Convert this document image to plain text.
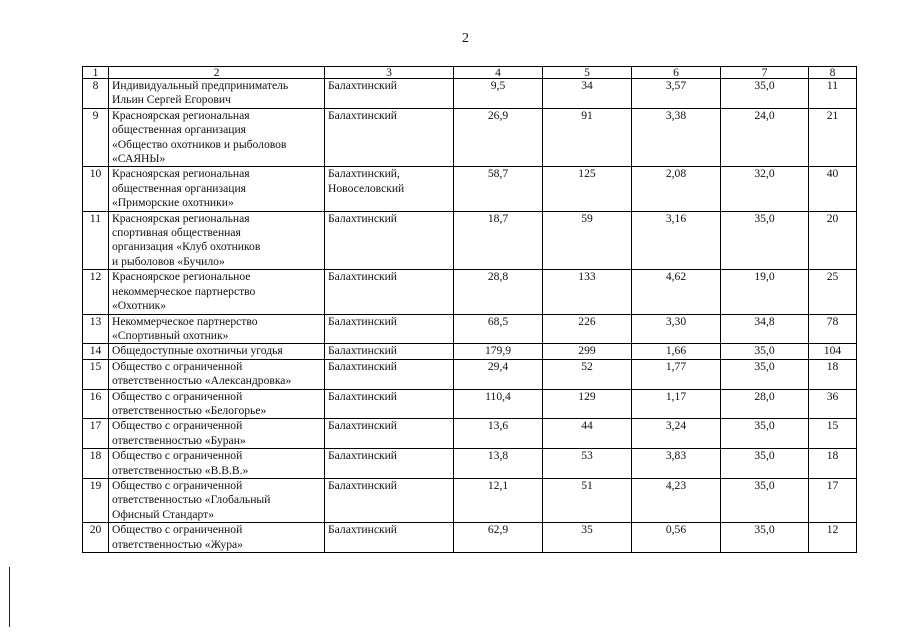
2
1	2	3	4	5	6	7	8
8	Индивидуальный предприниматель
Ильин Сергей Егорович	Балахтинский	9,5	34	3,57	35,0	11
9	Красноярская региональная
общественная организация
«Общество охотников и рыболовов
«САЯНЫ»	Балахтинский	26,9	91	3,38	24,0	21
10	Красноярская региональная
общественная организация
«Приморские охотники»	Балахтинский,
Новоселовский	58,7	125	2,08	32,0	40
11	Красноярская региональная
спортивная общественная
организация «Клуб охотников
и рыболовов «Бучило»	Балахтинский	18,7	59	3,16	35,0	20
12	Красноярское региональное
некоммерческое партнерство
«Охотник»	Балахтинский	28,8	133	4,62	19,0	25
13	Некоммерческое партнерство
«Спортивный охотник»	Балахтинский	68,5	226	3,30	34,8	78
14	Общедоступные охотничьи угодья	Балахтинский	179,9	299	1,66	35,0	104
15	Общество с ограниченной
ответственностью «Александровка»	Балахтинский	29,4	52	1,77	35,0	18
16	Общество с ограниченной
ответственностью «Белогорье»	Балахтинский	110,4	129	1,17	28,0	36
17	Общество с ограниченной
ответственностью «Буран»	Балахтинский	13,6	44	3,24	35,0	15
18	Общество с ограниченной
ответственностью «В.В.В.»	Балахтинский	13,8	53	3,83	35,0	18
19	Общество с ограниченной
ответственностью «Глобальный
Офисный Стандарт»	Балахтинский	12,1	51	4,23	35,0	17
20	Общество с ограниченной
ответственностью «Жура»	Балахтинский	62,9	35	0,56	35,0	12
